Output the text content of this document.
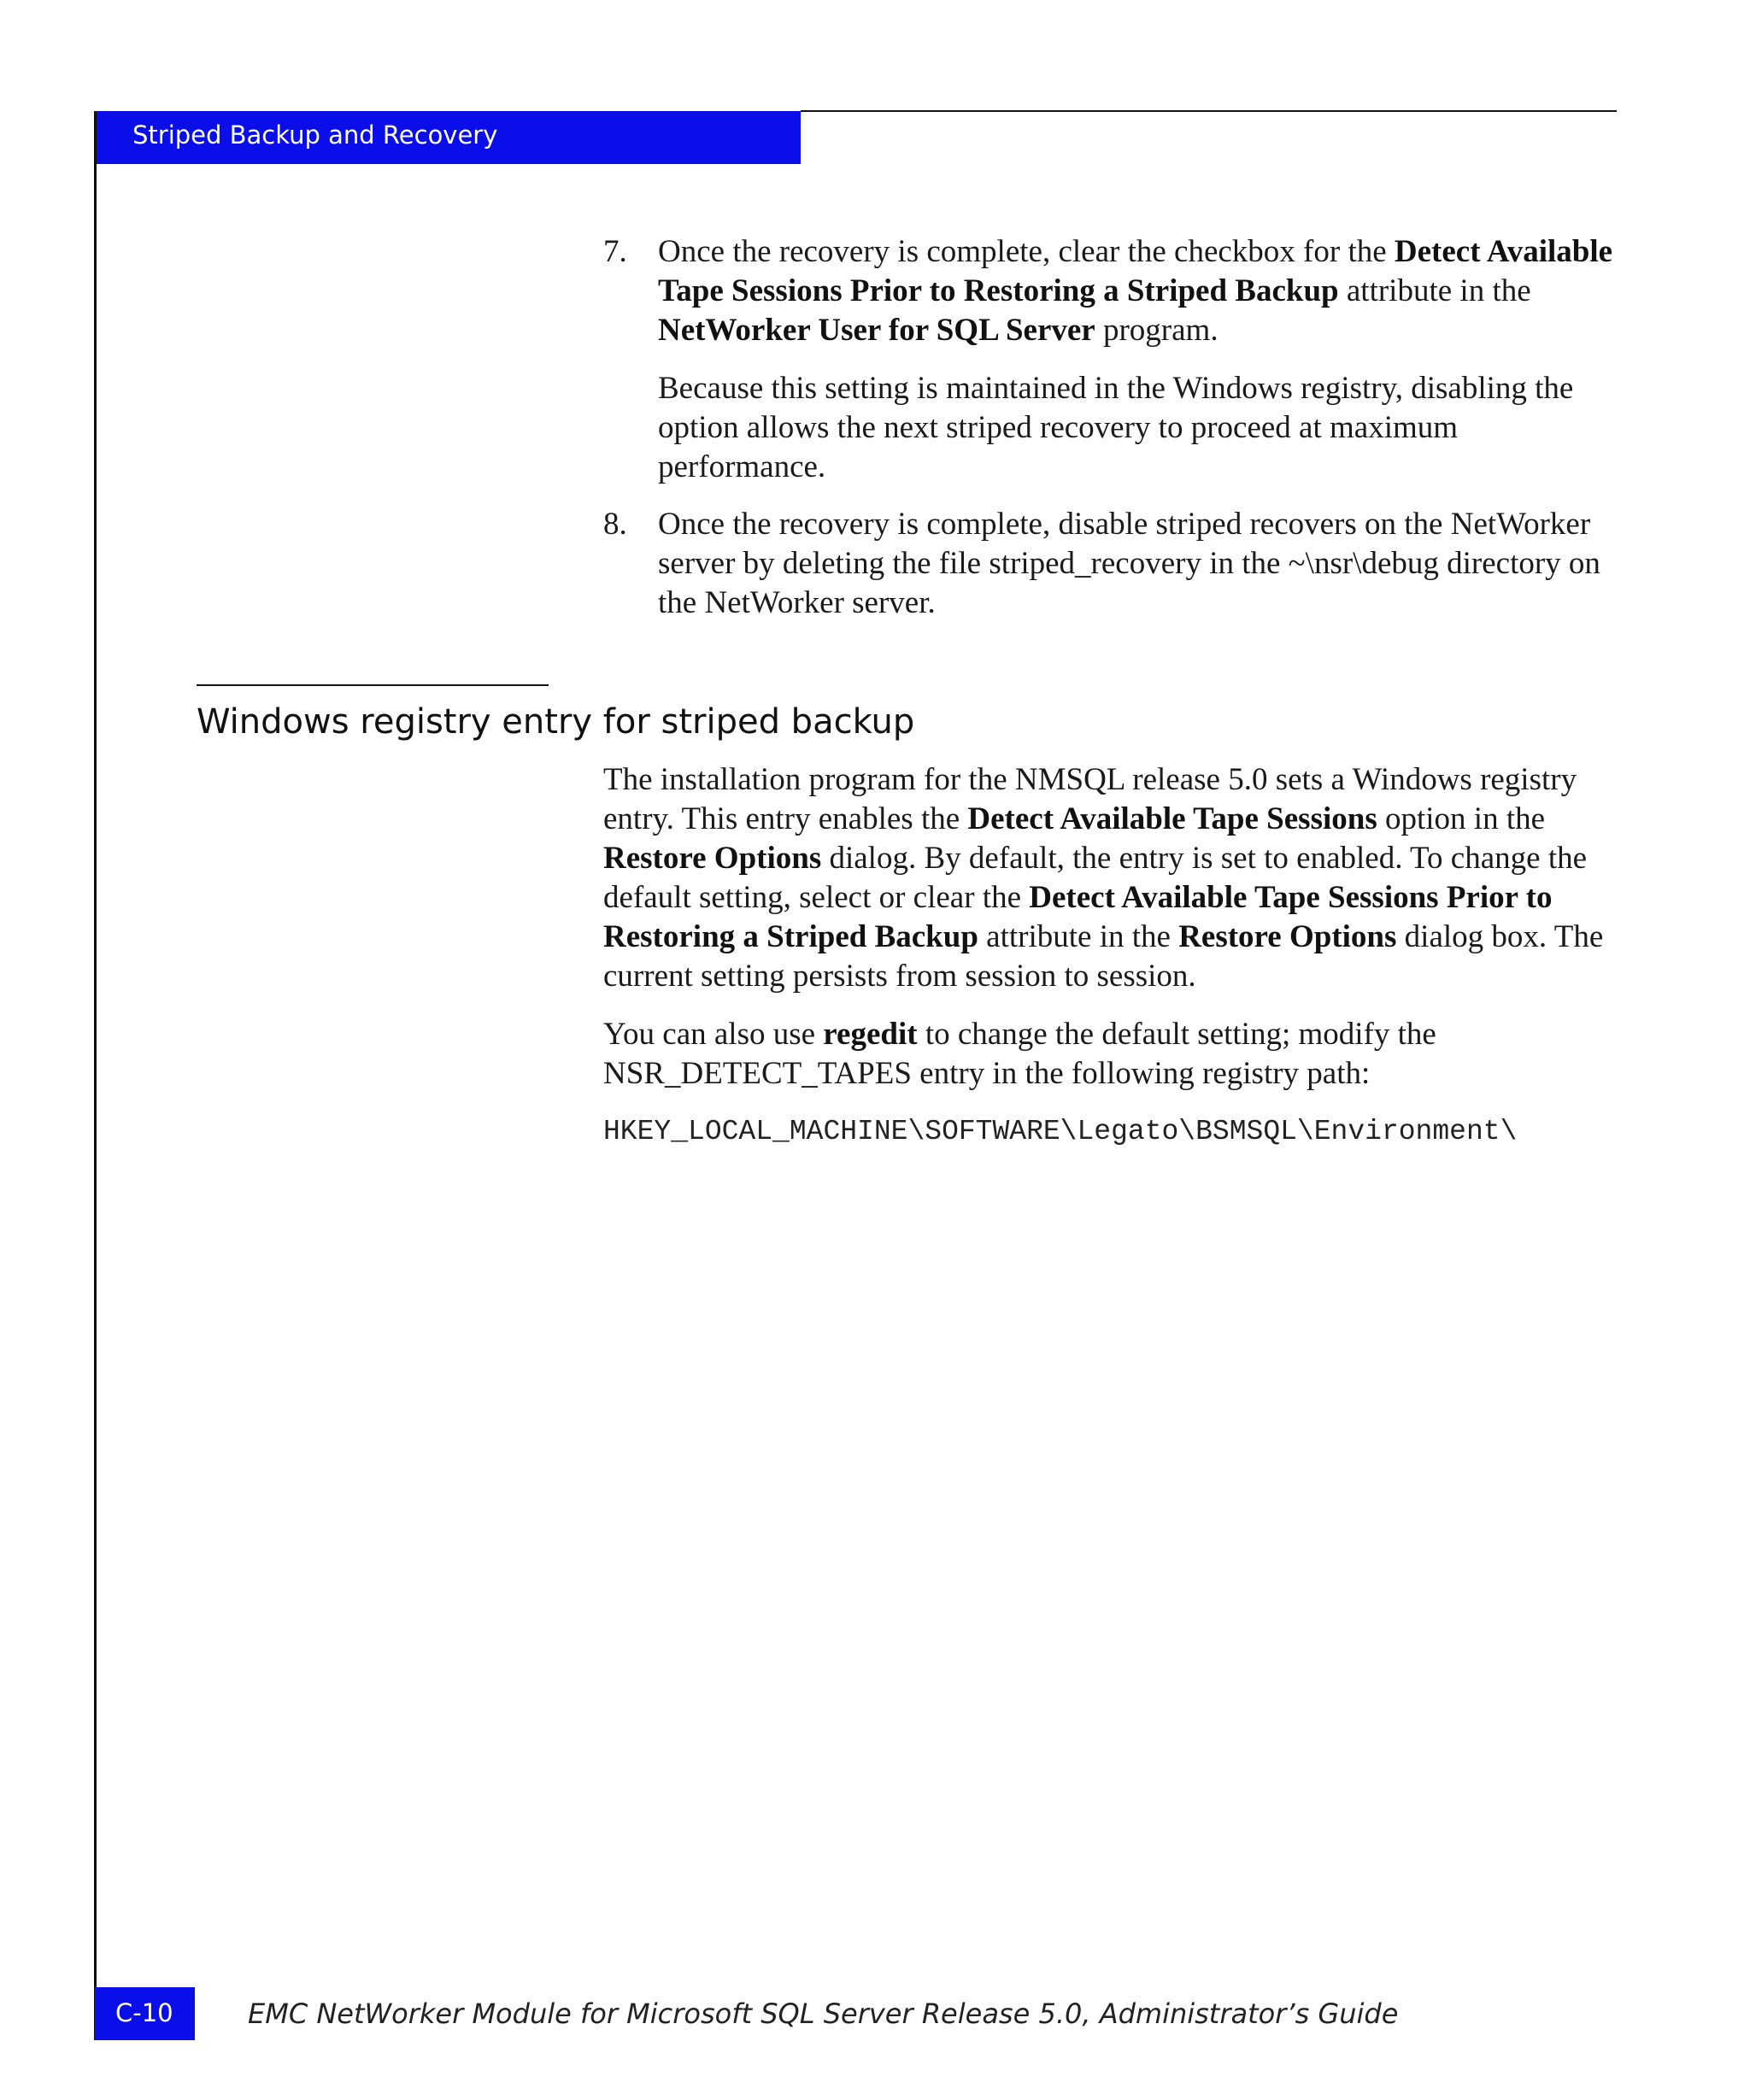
Striped Backup and Recovery
7. Once the recovery is complete, clear the checkbox for the Detect Available Tape Sessions Prior to Restoring a Striped Backup attribute in the NetWorker User for SQL Server program.

Because this setting is maintained in the Windows registry, disabling the option allows the next striped recovery to proceed at maximum performance.

8. Once the recovery is complete, disable striped recovers on the NetWorker server by deleting the file striped_recovery in the ~\nsr\debug directory on the NetWorker server.

Windows registry entry for striped backup

The installation program for the NMSQL release 5.0 sets a Windows registry entry. This entry enables the Detect Available Tape Sessions option in the Restore Options dialog. By default, the entry is set to enabled. To change the default setting, select or clear the Detect Available Tape Sessions Prior to Restoring a Striped Backup attribute in the Restore Options dialog box. The current setting persists from session to session.

You can also use regedit to change the default setting; modify the NSR_DETECT_TAPES entry in the following registry path:

HKEY_LOCAL_MACHINE\SOFTWARE\Legato\BSMSQL\Environment\
C-10	EMC NetWorker Module for Microsoft SQL Server Release 5.0, Administrator’s Guide
